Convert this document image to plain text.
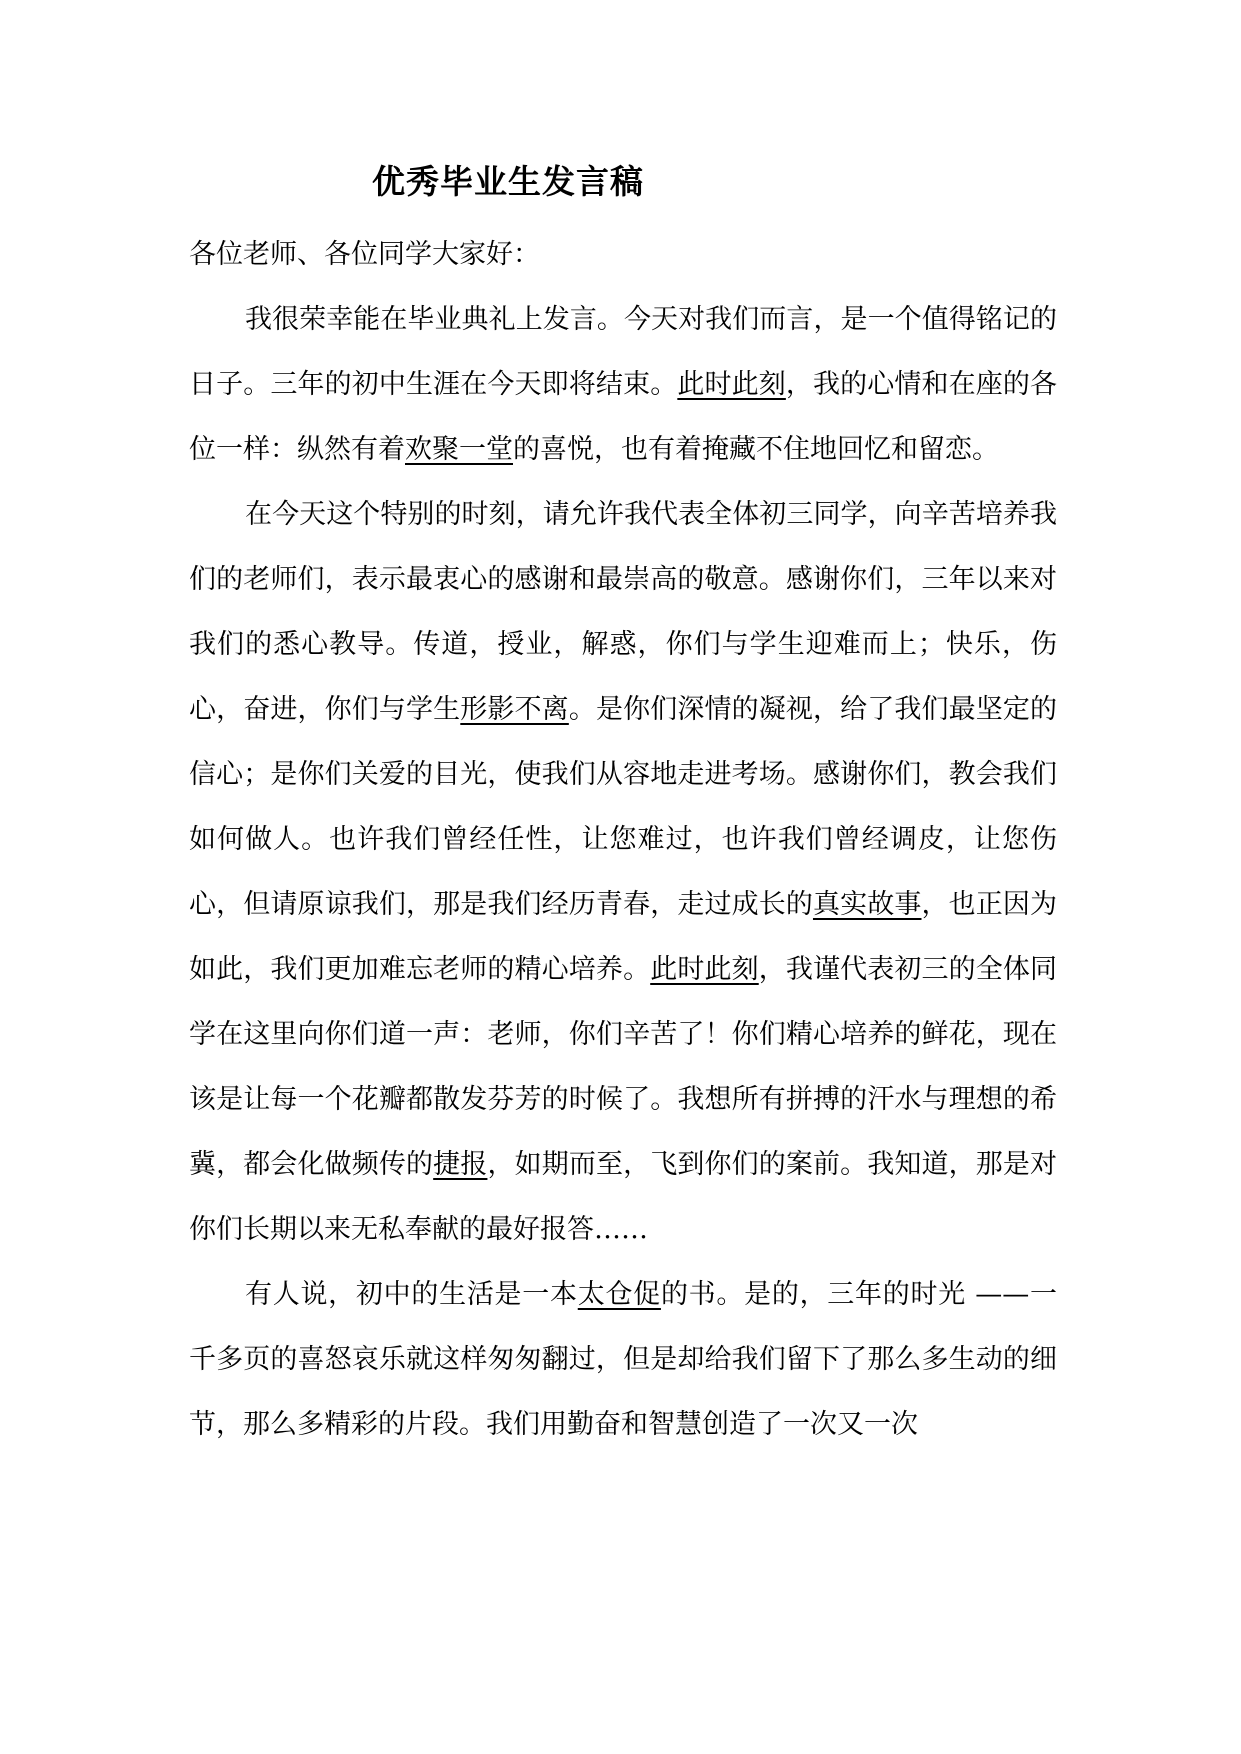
优秀毕业生发言稿

各位老师、各位同学大家好：

我很荣幸能在毕业典礼上发言。今天对我们而言，是一个值得铭记的日子。三年的初中生涯在今天即将结束。此时此刻，我的心情和在座的各位一样：纵然有着欢聚一堂的喜悦，也有着掩藏不住地回忆和留恋。

在今天这个特别的时刻，请允许我代表全体初三同学，向辛苦培养我们的老师们，表示最衷心的感谢和最崇高的敬意。感谢你们，三年以来对我们的悉心教导。传道，授业，解惑，你们与学生迎难而上；快乐，伤心，奋进，你们与学生形影不离。是你们深情的凝视，给了我们最坚定的信心；是你们关爱的目光，使我们从容地走进考场。感谢你们，教会我们如何做人。也许我们曾经任性，让您难过，也许我们曾经调皮，让您伤心，但请原谅我们，那是我们经历青春，走过成长的真实故事，也正因为如此，我们更加难忘老师的精心培养。此时此刻，我谨代表初三的全体同学在这里向你们道一声：老师，你们辛苦了！你们精心培养的鲜花，现在该是让每一个花瓣都散发芬芳的时候了。我想所有拼搏的汗水与理想的希冀，都会化做频传的捷报，如期而至，飞到你们的案前。我知道，那是对你们长期以来无私奉献的最好报答……

有人说，初中的生活是一本太仓促的书。是的，三年的时光 ——一千多页的喜怒哀乐就这样匆匆翻过，但是却给我们留下了那么多生动的细节，那么多精彩的片段。我们用勤奋和智慧创造了一次又一次
